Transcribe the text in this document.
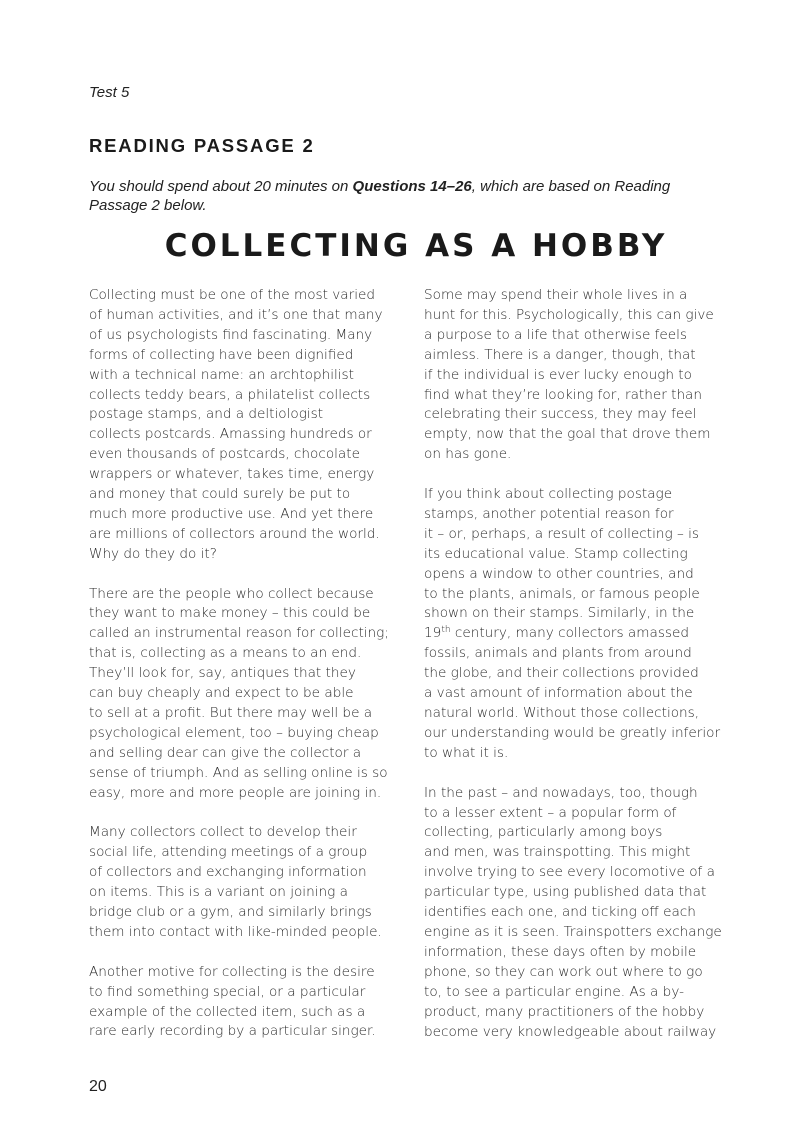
Test 5
READING PASSAGE 2
You should spend about 20 minutes on Questions 14–26, which are based on Reading
Passage 2 below.
COLLECTING AS A HOBBY

Collecting must be one of the most varied
of human activities, and it’s one that many
of us psychologists find fascinating. Many
forms of collecting have been dignified
with a technical name: an archtophilist
collects teddy bears, a philatelist collects
postage stamps, and a deltiologist
collects postcards. Amassing hundreds or
even thousands of postcards, chocolate
wrappers or whatever, takes time, energy
and money that could surely be put to
much more productive use. And yet there
are millions of collectors around the world.
Why do they do it?

There are the people who collect because
they want to make money – this could be
called an instrumental reason for collecting;
that is, collecting as a means to an end.
They’ll look for, say, antiques that they
can buy cheaply and expect to be able
to sell at a profit. But there may well be a
psychological element, too – buying cheap
and selling dear can give the collector a
sense of triumph. And as selling online is so
easy, more and more people are joining in.

Many collectors collect to develop their
social life, attending meetings of a group
of collectors and exchanging information
on items. This is a variant on joining a
bridge club or a gym, and similarly brings
them into contact with like-minded people.

Another motive for collecting is the desire
to find something special, or a particular
example of the collected item, such as a
rare early recording by a particular singer.

Some may spend their whole lives in a
hunt for this. Psychologically, this can give
a purpose to a life that otherwise feels
aimless. There is a danger, though, that
if the individual is ever lucky enough to
find what they’re looking for, rather than
celebrating their success, they may feel
empty, now that the goal that drove them
on has gone.

If you think about collecting postage
stamps, another potential reason for
it – or, perhaps, a result of collecting – is
its educational value. Stamp collecting
opens a window to other countries, and
to the plants, animals, or famous people
shown on their stamps. Similarly, in the
19th century, many collectors amassed
fossils, animals and plants from around
the globe, and their collections provided
a vast amount of information about the
natural world. Without those collections,
our understanding would be greatly inferior
to what it is.

In the past – and nowadays, too, though
to a lesser extent – a popular form of
collecting, particularly among boys
and men, was trainspotting. This might
involve trying to see every locomotive of a
particular type, using published data that
identifies each one, and ticking off each
engine as it is seen. Trainspotters exchange
information, these days often by mobile
phone, so they can work out where to go
to, to see a particular engine. As a by-
product, many practitioners of the hobby
become very knowledgeable about railway

20
